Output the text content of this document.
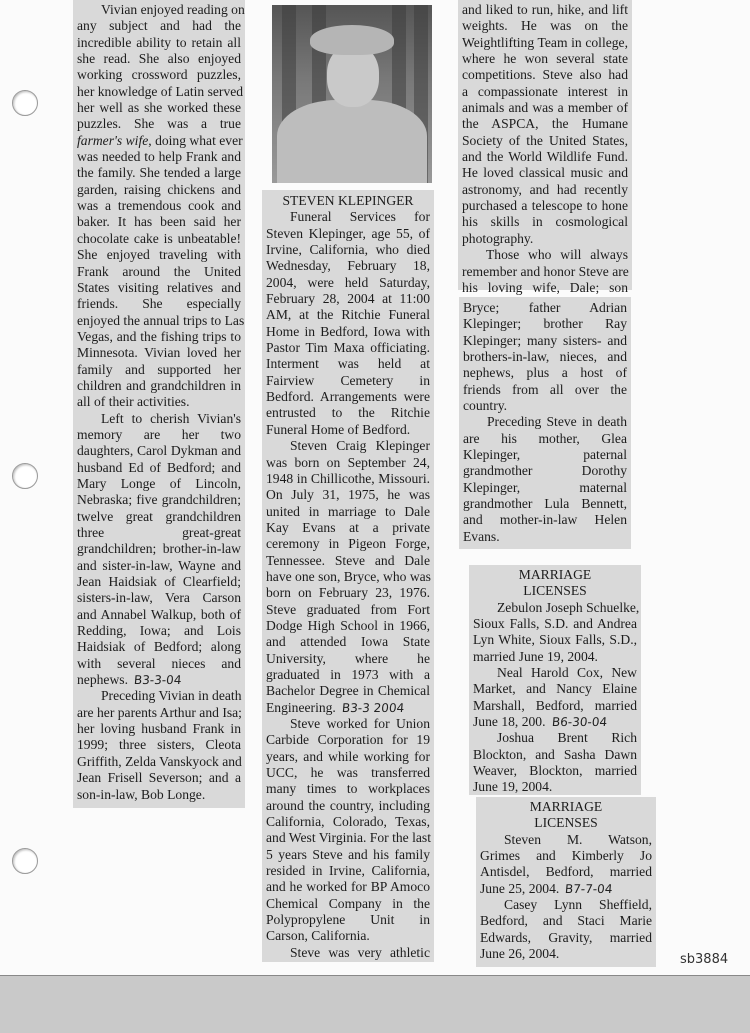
Vivian enjoyed reading on
any subject and had the
incredible ability to retain all
she read. She also enjoyed
working crossword puzzles,
her knowledge of Latin served
her well as she worked these
puzzles. She was a true
farmer's wife, doing what ever
was needed to help Frank and
the family. She tended a large
garden, raising chickens and
was a tremendous cook and
baker. It has been said her
chocolate cake is unbeatable!
She enjoyed traveling with
Frank around the United
States visiting relatives and
friends. She especially
enjoyed the annual trips to Las
Vegas, and the fishing trips to
Minnesota. Vivian loved her
family and supported her
children and grandchildren in
all of their activities.
Left to cherish Vivian's
memory are her two
daughters, Carol Dykman and
husband Ed of Bedford; and
Mary Longe of Lincoln,
Nebraska; five grandchildren;
twelve great grandchildren
three great-great
grandchildren; brother-in-law
and sister-in-law, Wayne and
Jean Haidsiak of Clearfield;
sisters-in-law, Vera Carson
and Annabel Walkup, both of
Redding, Iowa; and Lois
Haidsiak of Bedford; along
with several nieces and
nephews. B3-3-04
Preceding Vivian in death
are her parents Arthur and Isa;
her loving husband Frank in
1999; three sisters, Cleota
Griffith, Zelda Vanskyock and
Jean Frisell Severson; and a
son-in-law, Bob Longe.
STEVEN KLEPINGER
Funeral Services for
Steven Klepinger, age 55, of
Irvine, California, who died
Wednesday, February 18,
2004, were held Saturday,
February 28, 2004 at 11:00
AM, at the Ritchie Funeral
Home in Bedford, Iowa with
Pastor Tim Maxa officiating.
Interment was held at
Fairview Cemetery in
Bedford. Arrangements were
entrusted to the Ritchie
Funeral Home of Bedford.
Steven Craig Klepinger
was born on September 24,
1948 in Chillicothe, Missouri.
On July 31, 1975, he was
united in marriage to Dale
Kay Evans at a private
ceremony in Pigeon Forge,
Tennessee. Steve and Dale
have one son, Bryce, who was
born on February 23, 1976.
Steve graduated from Fort
Dodge High School in 1966,
and attended Iowa State
University, where he
graduated in 1973 with a
Bachelor Degree in Chemical
Engineering. B3-3 2004
Steve worked for Union
Carbide Corporation for 19
years, and while working for
UCC, he was transferred
many times to workplaces
around the country, including
California, Colorado, Texas,
and West Virginia. For the last
5 years Steve and his family
resided in Irvine, California,
and he worked for BP Amoco
Chemical Company in the
Polypropylene Unit in
Carson, California.
Steve was very athletic
and liked to run, hike, and lift
weights. He was on the
Weightlifting Team in college,
where he won several state
competitions. Steve also had
a compassionate interest in
animals and was a member of
the ASPCA, the Humane
Society of the United States,
and the World Wildlife Fund.
He loved classical music and
astronomy, and had recently
purchased a telescope to hone
his skills in cosmological
photography.
Those who will always
remember and honor Steve are
his loving wife, Dale; son
Bryce; father Adrian
Klepinger; brother Ray
Klepinger; many sisters- and
brothers-in-law, nieces, and
nephews, plus a host of
friends from all over the
country.
Preceding Steve in death
are his mother, Glea
Klepinger, paternal
grandmother Dorothy
Klepinger, maternal
grandmother Lula Bennett,
and mother-in-law Helen
Evans.
MARRIAGE
LICENSES
Zebulon Joseph Schuelke,
Sioux Falls, S.D. and Andrea
Lyn White, Sioux Falls, S.D.,
married June 19, 2004.
Neal Harold Cox, New
Market, and Nancy Elaine
Marshall, Bedford, married
June 18, 200. B6-30-04
Joshua Brent Rich
Blockton, and Sasha Dawn
Weaver, Blockton, married
June 19, 2004.
MARRIAGE
LICENSES
Steven M. Watson,
Grimes and Kimberly Jo
Antisdel, Bedford, married
June 25, 2004. B7-7-04
Casey Lynn Sheffield,
Bedford, and Staci Marie
Edwards, Gravity, married
June 26, 2004.	sb3884
